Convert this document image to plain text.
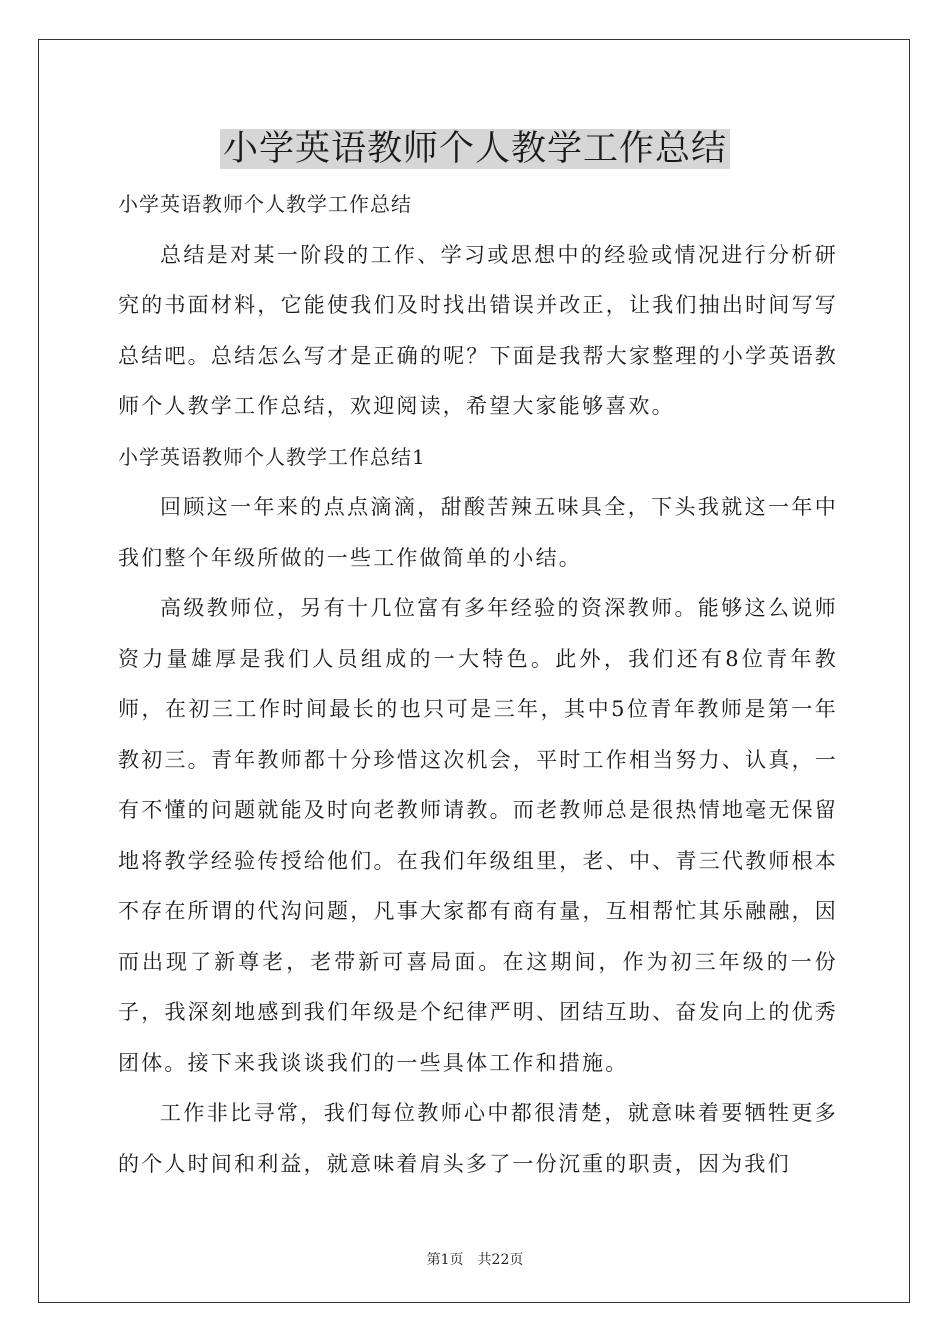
小学英语教师个人教学工作总结

小学英语教师个人教学工作总结

总结是对某一阶段的工作、学习或思想中的经验或情况进行分析研究的书面材料，它能使我们及时找出错误并改正，让我们抽出时间写写总结吧。总结怎么写才是正确的呢？下面是我帮大家整理的小学英语教师个人教学工作总结，欢迎阅读，希望大家能够喜欢。

小学英语教师个人教学工作总结1

回顾这一年来的点点滴滴，甜酸苦辣五味具全，下头我就这一年中我们整个年级所做的一些工作做简单的小结。

高级教师位，另有十几位富有多年经验的资深教师。能够这么说师资力量雄厚是我们人员组成的一大特色。此外，我们还有8位青年教师，在初三工作时间最长的也只可是三年，其中5位青年教师是第一年教初三。青年教师都十分珍惜这次机会，平时工作相当努力、认真，一有不懂的问题就能及时向老教师请教。而老教师总是很热情地毫无保留地将教学经验传授给他们。在我们年级组里，老、中、青三代教师根本不存在所谓的代沟问题，凡事大家都有商有量，互相帮忙其乐融融，因而出现了新尊老，老带新可喜局面。在这期间，作为初三年级的一份子，我深刻地感到我们年级是个纪律严明、团结互助、奋发向上的优秀团体。接下来我谈谈我们的一些具体工作和措施。

工作非比寻常，我们每位教师心中都很清楚，就意味着要牺牲更多的个人时间和利益，就意味着肩头多了一份沉重的职责，因为我们

第1页 共22页
